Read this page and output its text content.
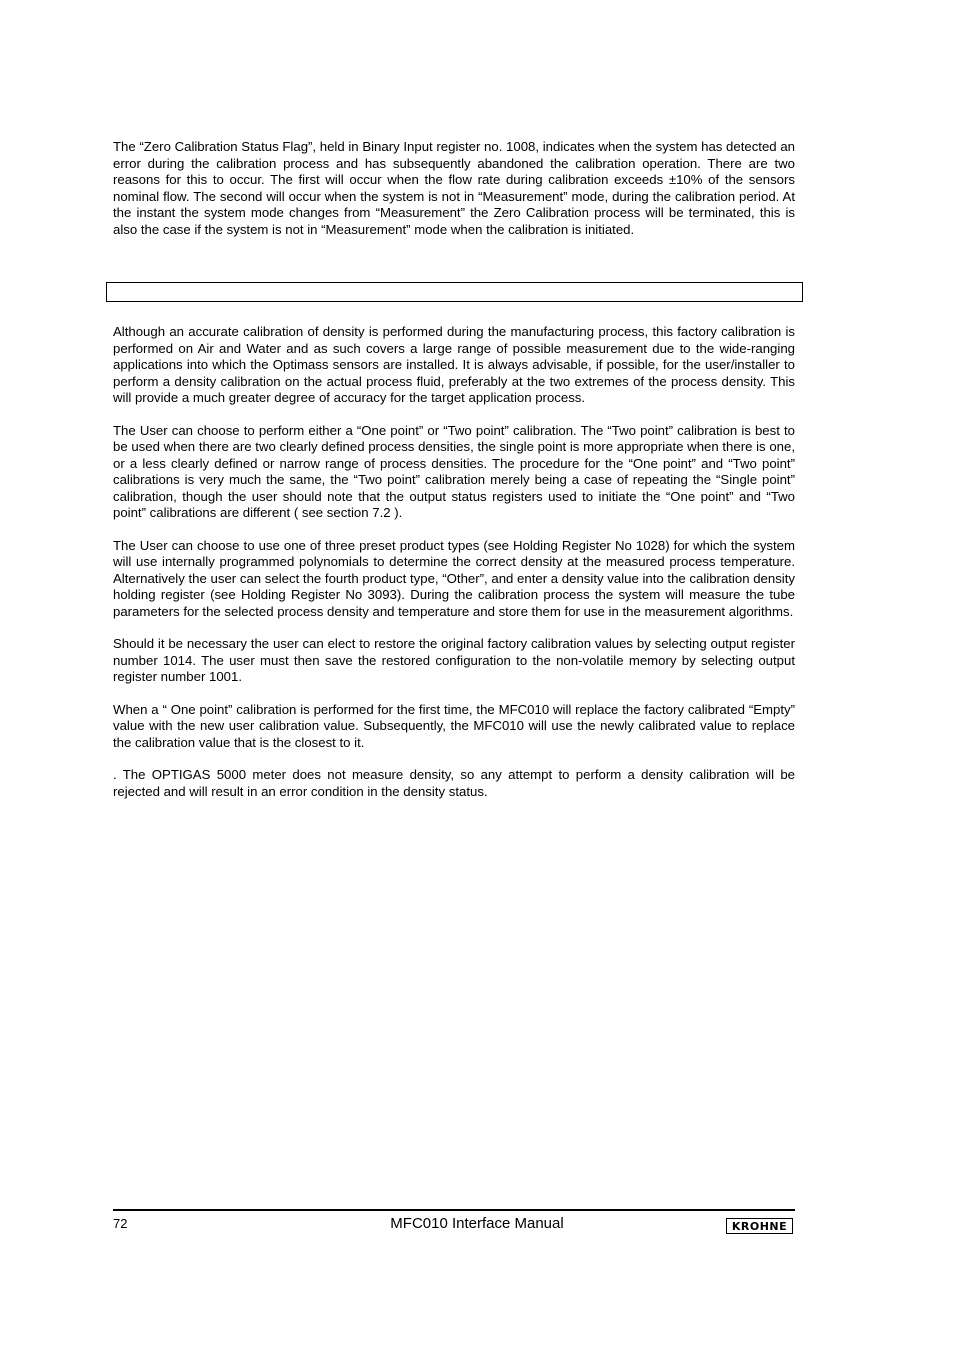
The “Zero Calibration Status Flag”, held in Binary Input register no. 1008, indicates when the system has detected an error during the calibration process and has subsequently abandoned the calibration operation. There are two reasons for this to occur. The first will occur when the flow rate during calibration exceeds ±10% of the sensors nominal flow. The second will occur when the system is not in “Measurement” mode, during the calibration period. At the instant the system mode changes from “Measurement” the Zero Calibration process will be terminated, this is also the case if the system is not in “Measurement” mode when the calibration is initiated.

Although an accurate calibration of density is performed during the manufacturing process, this factory calibration is performed on Air and Water and as such covers a large range of possible measurement due to the wide-ranging applications into which the Optimass sensors are installed. It is always advisable, if possible, for the user/installer to perform a density calibration on the actual process fluid, preferably at the two extremes of the process density. This will provide a much greater degree of accuracy for the target application process.

The User can choose to perform either a “One point” or “Two point” calibration. The “Two point” calibration is best to be used when there are two clearly defined process densities, the single point is more appropriate when there is one, or a less clearly defined or narrow range of process densities. The procedure for the “One point” and “Two point” calibrations is very much the same, the “Two point” calibration merely being a case of repeating the “Single point” calibration, though the user should note that the output status registers used to initiate the “One point” and “Two point” calibrations are different ( see section 7.2 ).

The User can choose to use one of three preset product types (see Holding Register No 1028) for which the system will use internally programmed polynomials to determine the correct density at the measured process temperature. Alternatively the user can select the fourth product type, “Other”, and enter a density value into the calibration density holding register (see Holding Register No 3093). During the calibration process the system will measure the tube parameters for the selected process density and temperature and store them for use in the measurement algorithms.

Should it be necessary the user can elect to restore the original factory calibration values by selecting output register number 1014. The user must then save the restored configuration to the non-volatile memory by selecting output register number 1001.

When a “ One point” calibration is performed for the first time, the MFC010 will replace the factory calibrated “Empty” value with the new user calibration value. Subsequently, the MFC010 will use the newly calibrated value to replace the calibration value that is the closest to it.

. The OPTIGAS 5000 meter does not measure density, so any attempt to perform a density calibration will be rejected and will result in an error condition in the density status.

72	MFC010 Interface Manual	KROHNE
